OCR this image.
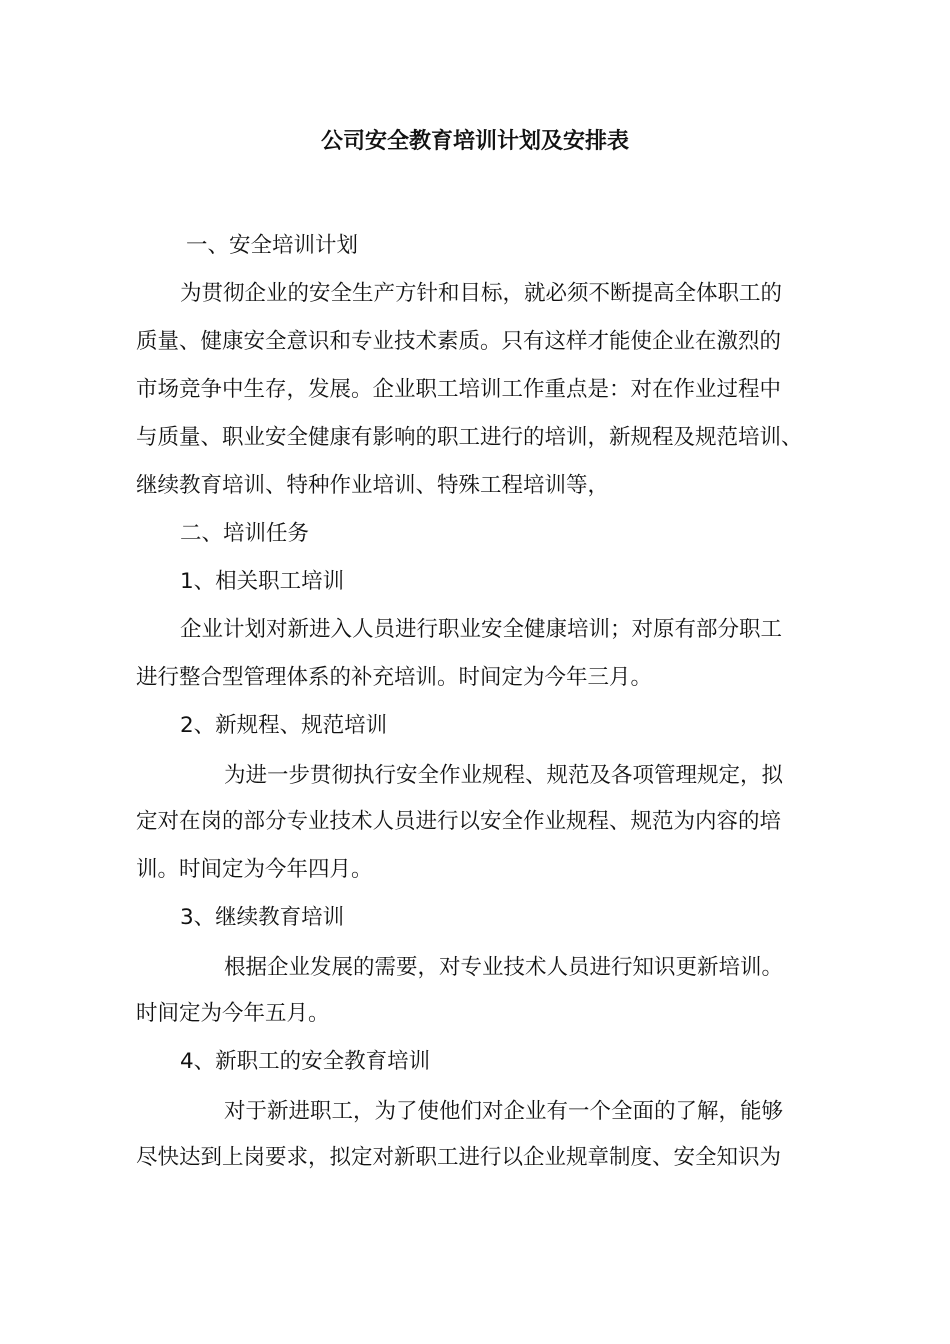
公司安全教育培训计划及安排表
一、安全培训计划
为贯彻企业的安全生产方针和目标，就必须不断提高全体职工的
质量、健康安全意识和专业技术素质。只有这样才能使企业在激烈的
市场竞争中生存，发展。企业职工培训工作重点是：对在作业过程中
与质量、职业安全健康有影响的职工进行的培训，新规程及规范培训、
继续教育培训、特种作业培训、特殊工程培训等，
二、培训任务
1、相关职工培训
企业计划对新进入人员进行职业安全健康培训；对原有部分职工
进行整合型管理体系的补充培训。时间定为今年三月。
2、新规程、规范培训
为进一步贯彻执行安全作业规程、规范及各项管理规定，拟
定对在岗的部分专业技术人员进行以安全作业规程、规范为内容的培
训。时间定为今年四月。
3、继续教育培训
根据企业发展的需要，对专业技术人员进行知识更新培训。
时间定为今年五月。
4、新职工的安全教育培训
对于新进职工，为了使他们对企业有一个全面的了解，能够
尽快达到上岗要求，拟定对新职工进行以企业规章制度、安全知识为
